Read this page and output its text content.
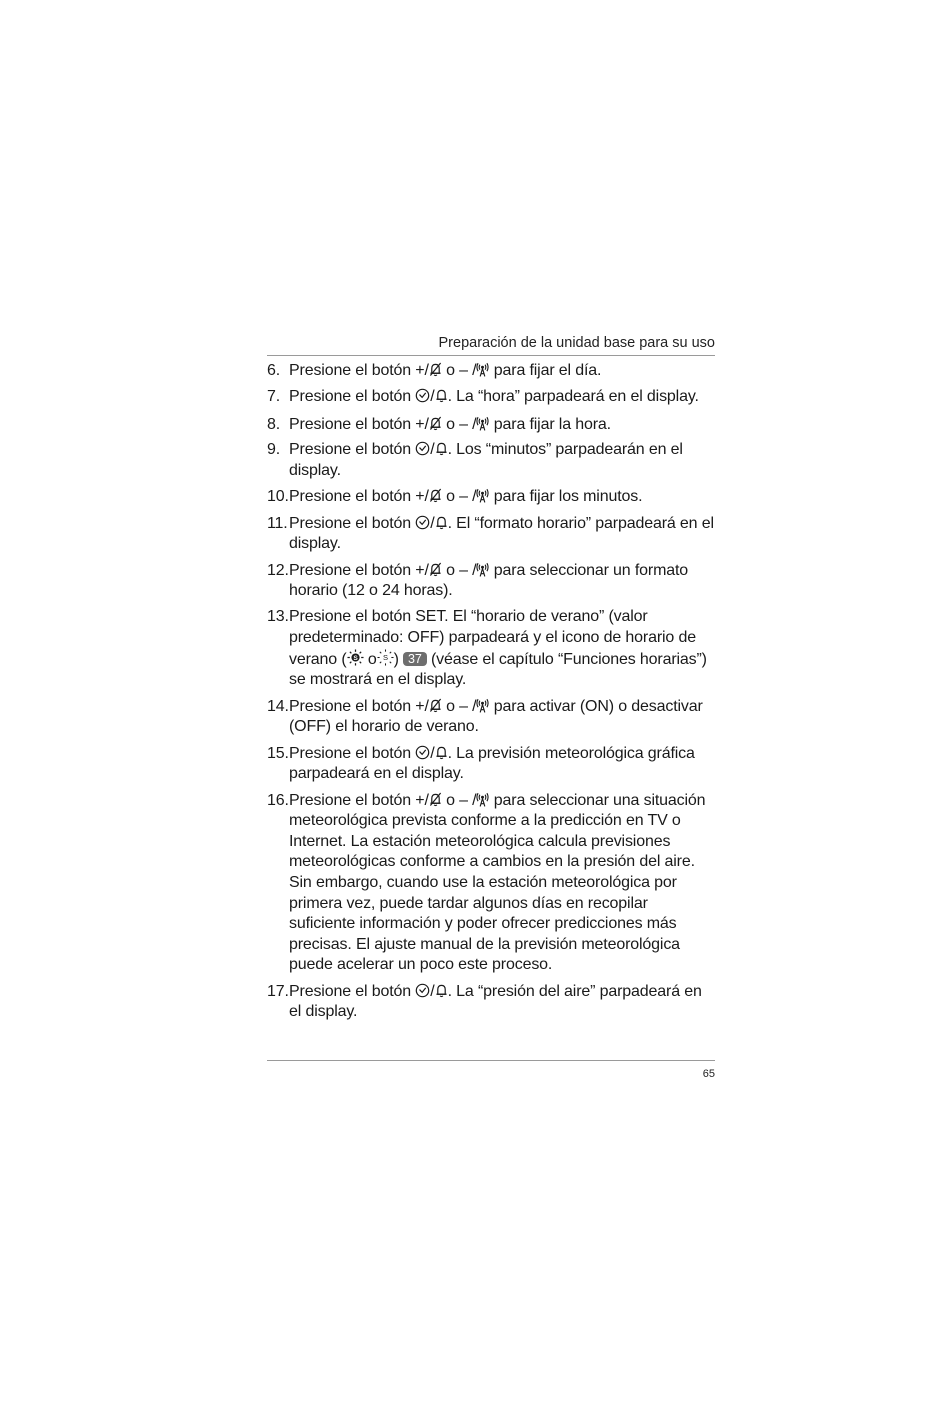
Preparación de la unidad base para su uso
6. Presione el botón +/ o – / para fijar el día.
7. Presione el botón / . La “hora” parpadeará en el display.
8. Presione el botón +/ o – / para fijar la hora.
9. Presione el botón / . Los “minutos” parpadearán en el display.
10. Presione el botón +/ o – / para fijar los minutos.
11. Presione el botón / . El “formato horario” parpadeará en el display.
12. Presione el botón +/ o – / para seleccionar un formato horario (12 o 24 horas).
13. Presione el botón SET. El “horario de verano” (valor predeterminado: OFF) parpadeará y el icono de horario de verano ( o ) 37 (véase el capítulo “Funciones horarias”) se mostrará en el display.
14. Presione el botón +/ o – / para activar (ON) o desactivar (OFF) el horario de verano.
15. Presione el botón / . La previsión meteorológica gráfica parpadeará en el display.
16. Presione el botón +/ o – / para seleccionar una situación meteorológica prevista conforme a la predicción en TV o Internet. La estación meteorológica calcula previsiones meteorológicas conforme a cambios en la presión del aire. Sin embargo, cuando use la estación meteorológica por primera vez, puede tardar algunos días en recopilar suficiente información y poder ofrecer predicciones más precisas. El ajuste manual de la previsión meteorológica puede acelerar un poco este proceso.
17. Presione el botón / . La “presión del aire” parpadeará en el display.
65
